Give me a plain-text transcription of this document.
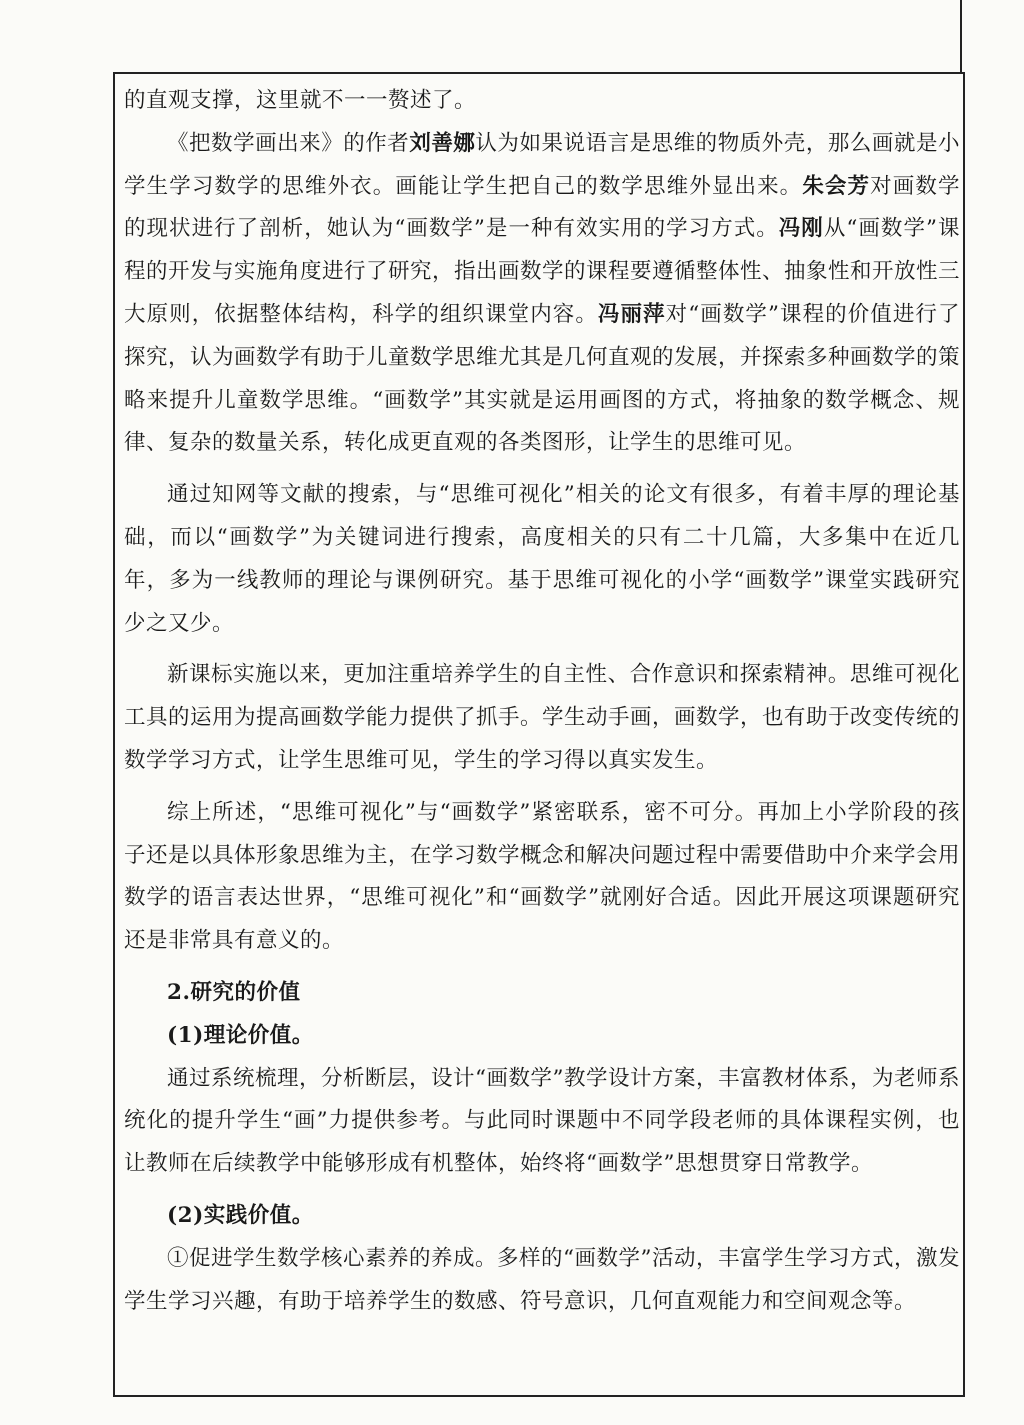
的直观支撑，这里就不一一赘述了。

《把数学画出来》的作者刘善娜认为如果说语言是思维的物质外壳，那么画就是小学生学习数学的思维外衣。画能让学生把自己的数学思维外显出来。朱会芳对画数学的现状进行了剖析，她认为“画数学”是一种有效实用的学习方式。冯刚从“画数学”课程的开发与实施角度进行了研究，指出画数学的课程要遵循整体性、抽象性和开放性三大原则，依据整体结构，科学的组织课堂内容。冯丽萍对“画数学”课程的价值进行了探究，认为画数学有助于儿童数学思维尤其是几何直观的发展，并探索多种画数学的策略来提升儿童数学思维。“画数学”其实就是运用画图的方式，将抽象的数学概念、规律、复杂的数量关系，转化成更直观的各类图形，让学生的思维可见。

通过知网等文献的搜索，与“思维可视化”相关的论文有很多，有着丰厚的理论基础，而以“画数学”为关键词进行搜索，高度相关的只有二十几篇，大多集中在近几年，多为一线教师的理论与课例研究。基于思维可视化的小学“画数学”课堂实践研究少之又少。

新课标实施以来，更加注重培养学生的自主性、合作意识和探索精神。思维可视化工具的运用为提高画数学能力提供了抓手。学生动手画，画数学，也有助于改变传统的数学学习方式，让学生思维可见，学生的学习得以真实发生。

综上所述，“思维可视化”与“画数学”紧密联系，密不可分。再加上小学阶段的孩子还是以具体形象思维为主，在学习数学概念和解决问题过程中需要借助中介来学会用数学的语言表达世界，“思维可视化”和“画数学”就刚好合适。因此开展这项课题研究还是非常具有意义的。

2.研究的价值

(1)理论价值。

通过系统梳理，分析断层，设计“画数学”教学设计方案，丰富教材体系，为老师系统化的提升学生“画”力提供参考。与此同时课题中不同学段老师的具体课程实例，也让教师在后续教学中能够形成有机整体，始终将“画数学”思想贯穿日常教学。

(2)实践价值。

①促进学生数学核心素养的养成。多样的“画数学”活动，丰富学生学习方式，激发学生学习兴趣，有助于培养学生的数感、符号意识，几何直观能力和空间观念等。
